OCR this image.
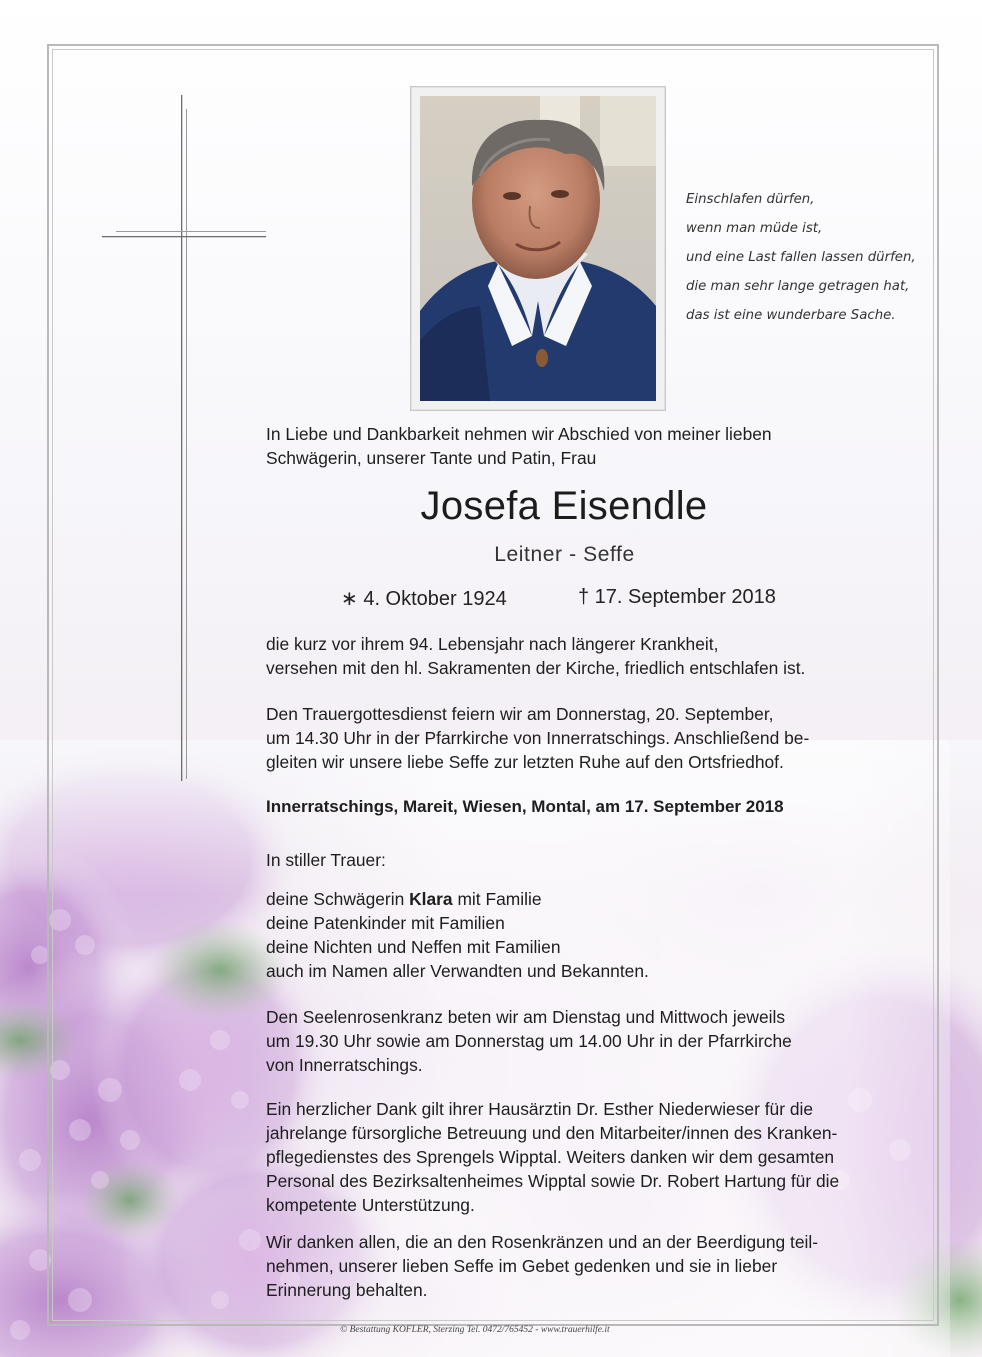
Einschlafen dürfen,
wenn man müde ist,
und eine Last fallen lassen dürfen,
die man sehr lange getragen hat,
das ist eine wunderbare Sache.
In Liebe und Dankbarkeit nehmen wir Abschied von meiner lieben
Schwägerin, unserer Tante und Patin, Frau
Josefa Eisendle
Leitner - Seffe
∗ 4. Oktober 1924	† 17. September 2018
die kurz vor ihrem 94. Lebensjahr nach längerer Krankheit,
versehen mit den hl. Sakramenten der Kirche, friedlich entschlafen ist.
Den Trauergottesdienst feiern wir am Donnerstag, 20. September,
um 14.30 Uhr in der Pfarrkirche von Innerratschings. Anschließend be-
gleiten wir unsere liebe Seffe zur letzten Ruhe auf den Ortsfriedhof.
Innerratschings, Mareit, Wiesen, Montal, am 17. September 2018
In stiller Trauer:
deine Schwägerin Klara mit Familie
deine Patenkinder mit Familien
deine Nichten und Neffen mit Familien
auch im Namen aller Verwandten und Bekannten.
Den Seelenrosenkranz beten wir am Dienstag und Mittwoch jeweils
um 19.30 Uhr sowie am Donnerstag um 14.00 Uhr in der Pfarrkirche
von Innerratschings.
Ein herzlicher Dank gilt ihrer Hausärztin Dr. Esther Niederwieser für die
jahrelange fürsorgliche Betreuung und den Mitarbeiter/innen des Kranken-
pflegedienstes des Sprengels Wipptal. Weiters danken wir dem gesamten
Personal des Bezirksaltenheimes Wipptal sowie Dr. Robert Hartung für die
kompetente Unterstützung.
Wir danken allen, die an den Rosenkränzen und an der Beerdigung teil-
nehmen, unserer lieben Seffe im Gebet gedenken und sie in lieber
Erinnerung behalten.
© Bestattung KOFLER, Sterzing Tel. 0472/765452 - www.trauerhilfe.it
